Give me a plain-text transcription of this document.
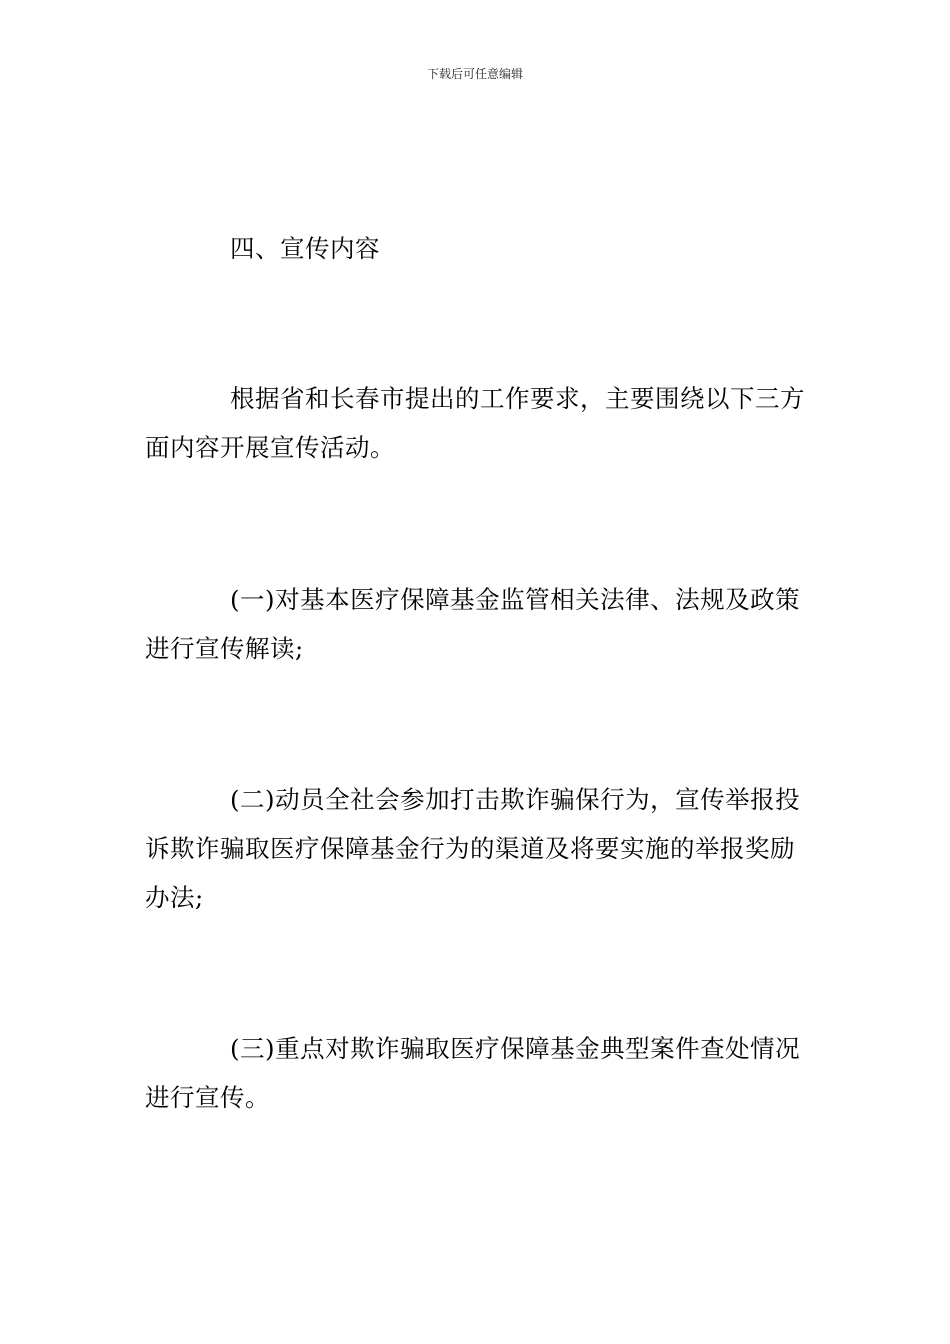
下载后可任意编辑

四、宣传内容

根据省和长春市提出的工作要求，主要围绕以下三方面内容开展宣传活动。

(一)对基本医疗保障基金监管相关法律、法规及政策进行宣传解读;

(二)动员全社会参加打击欺诈骗保行为，宣传举报投诉欺诈骗取医疗保障基金行为的渠道及将要实施的举报奖励办法;

(三)重点对欺诈骗取医疗保障基金典型案件查处情况进行宣传。
